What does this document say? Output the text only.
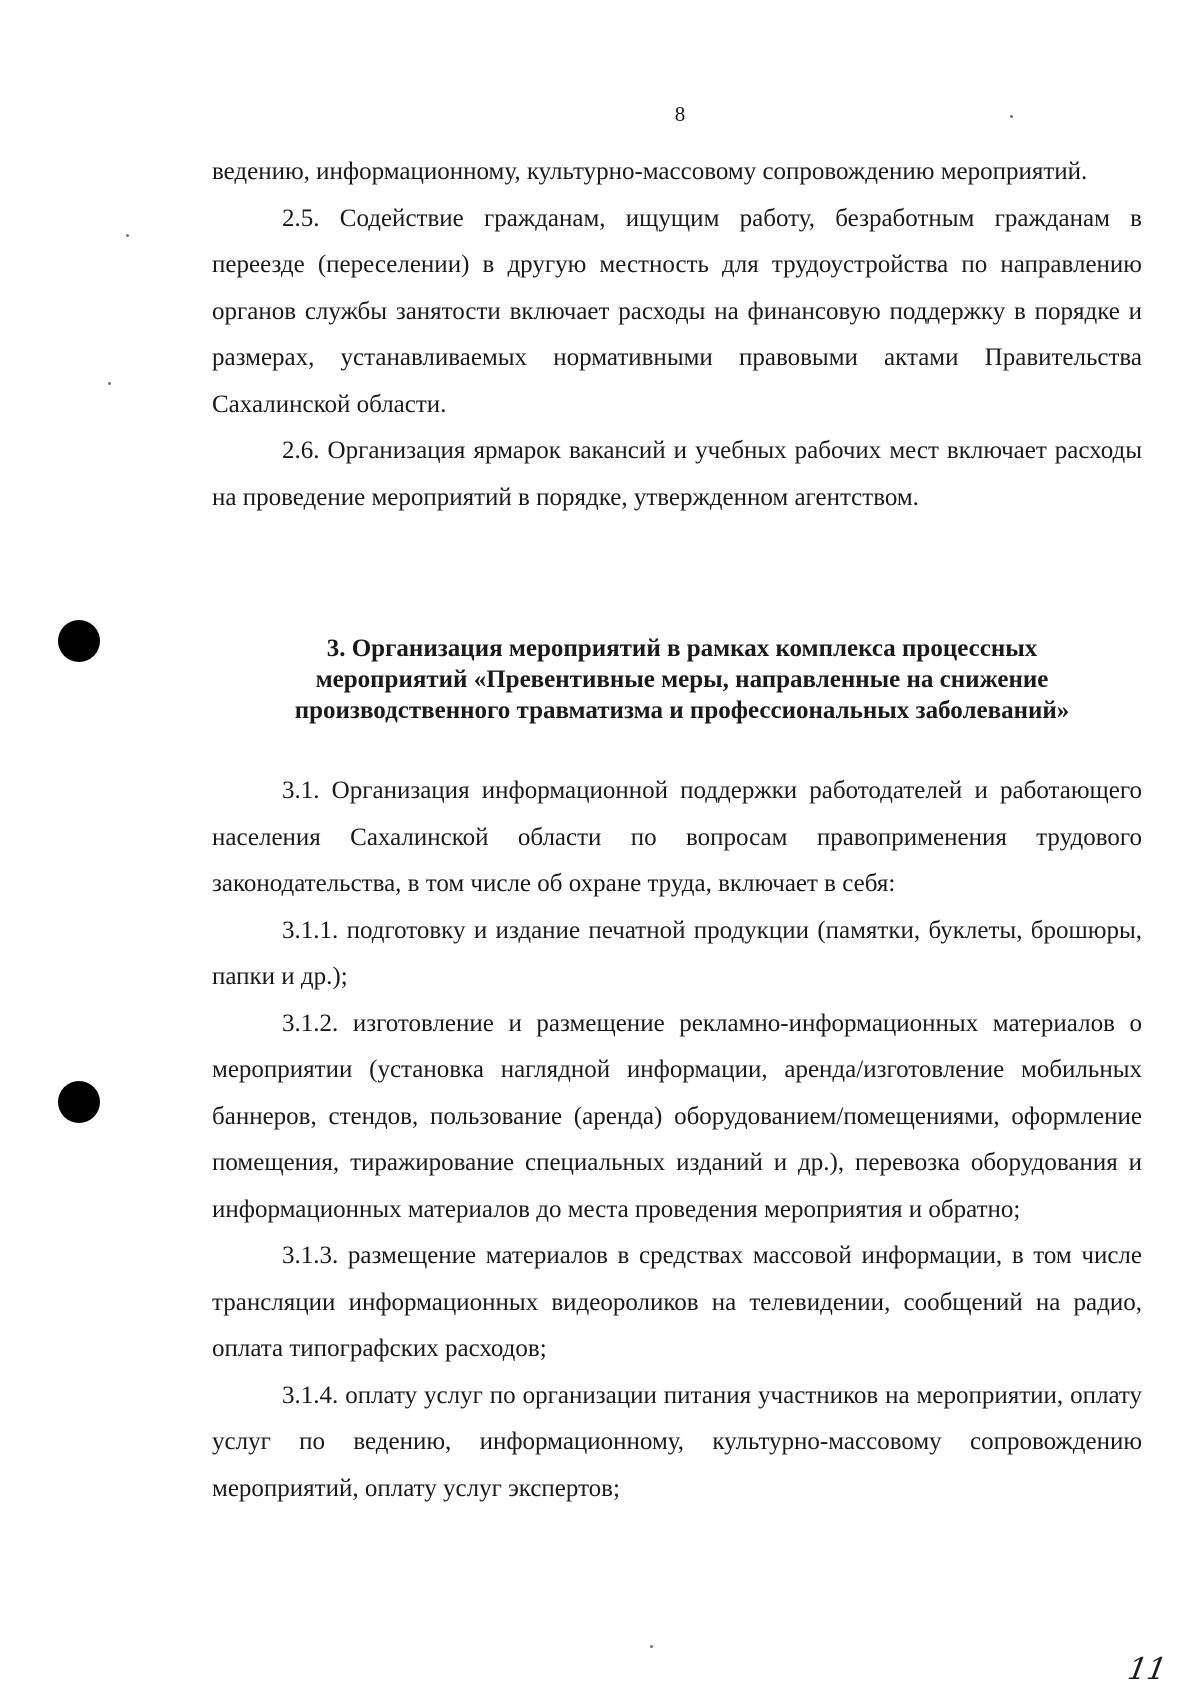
8

ведению, информационному, культурно-массовому сопровождению мероприятий.

2.5. Содействие гражданам, ищущим работу, безработным гражданам в переезде (переселении) в другую местность для трудоустройства по направлению органов службы занятости включает расходы на финансовую поддержку в порядке и размерах, устанавливаемых нормативными правовыми актами Правительства Сахалинской области.

2.6. Организация ярмарок вакансий и учебных рабочих мест включает расходы на проведение мероприятий в порядке, утвержденном агентством.

3. Организация мероприятий в рамках комплекса процессных
мероприятий «Превентивные меры, направленные на снижение
производственного травматизма и профессиональных заболеваний»

3.1. Организация информационной поддержки работодателей и работающего населения Сахалинской области по вопросам правоприменения трудового законодательства, в том числе об охране труда, включает в себя:

3.1.1. подготовку и издание печатной продукции (памятки, буклеты, брошюры, папки и др.);

3.1.2. изготовление и размещение рекламно-информационных материалов о мероприятии (установка наглядной информации, аренда/изготовление мобильных баннеров, стендов, пользование (аренда) оборудованием/помещениями, оформление помещения, тиражирование специальных изданий и др.), перевозка оборудования и информационных материалов до места проведения мероприятия и обратно;

3.1.3. размещение материалов в средствах массовой информации, в том числе трансляции информационных видеороликов на телевидении, сообщений на радио, оплата типографских расходов;

3.1.4. оплату услуг по организации питания участников на мероприятии, оплату услуг по ведению, информационному, культурно-массовому сопровождению мероприятий, оплату услуг экспертов;

11
